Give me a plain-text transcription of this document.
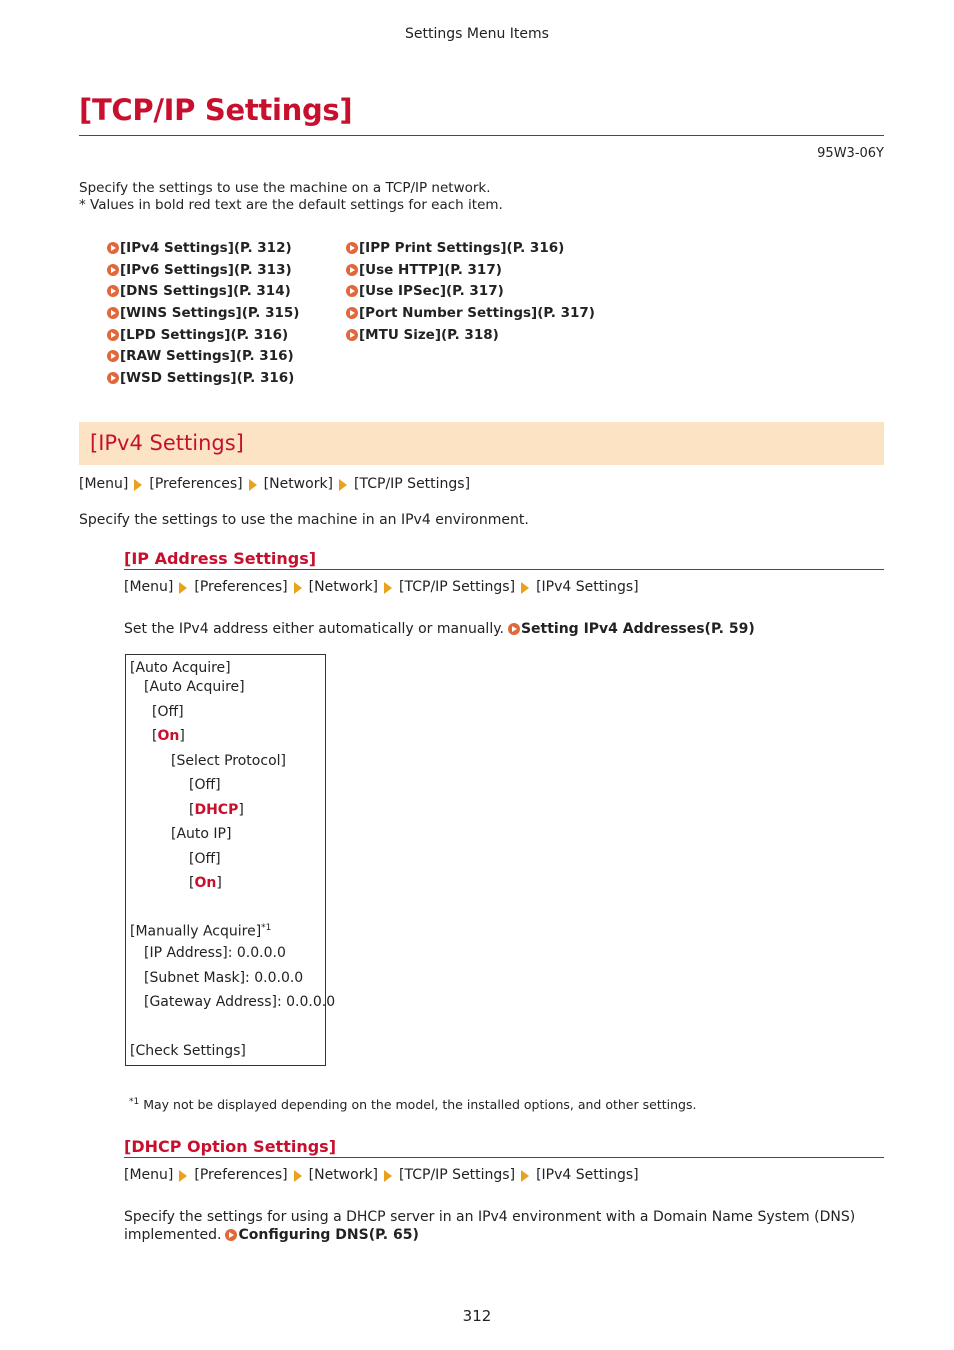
Settings Menu Items
[TCP/IP Settings]
95W3-06Y
Specify the settings to use the machine on a TCP/IP network.
* Values in bold red text are the default settings for each item.
[IPv4 Settings](P. 312)
[IPv6 Settings](P. 313)
[DNS Settings](P. 314)
[WINS Settings](P. 315)
[LPD Settings](P. 316)
[RAW Settings](P. 316)
[WSD Settings](P. 316)
[IPP Print Settings](P. 316)
[Use HTTP](P. 317)
[Use IPSec](P. 317)
[Port Number Settings](P. 317)
[MTU Size](P. 318)
[IPv4 Settings]
[Menu] [Preferences] [Network] [TCP/IP Settings]
Specify the settings to use the machine in an IPv4 environment.
[IP Address Settings]
[Menu] [Preferences] [Network] [TCP/IP Settings] [IPv4 Settings]
Set the IPv4 address either automatically or manually. Setting IPv4 Addresses(P. 59)
[Auto Acquire]
[Auto Acquire]
[Off]
[On]
[Select Protocol]
[Off]
[DHCP]
[Auto IP]
[Off]
[On]
[Manually Acquire]$^{*1}$
[IP Address]: 0.0.0.0
[Subnet Mask]: 0.0.0.0
[Gateway Address]: 0.0.0.0
[Check Settings]
$^{*1}$ May not be displayed depending on the model, the installed options, and other settings.
[DHCP Option Settings]
[Menu] [Preferences] [Network] [TCP/IP Settings] [IPv4 Settings]
Specify the settings for using a DHCP server in an IPv4 environment with a Domain Name System (DNS)
implemented. Configuring DNS(P. 65)
312
